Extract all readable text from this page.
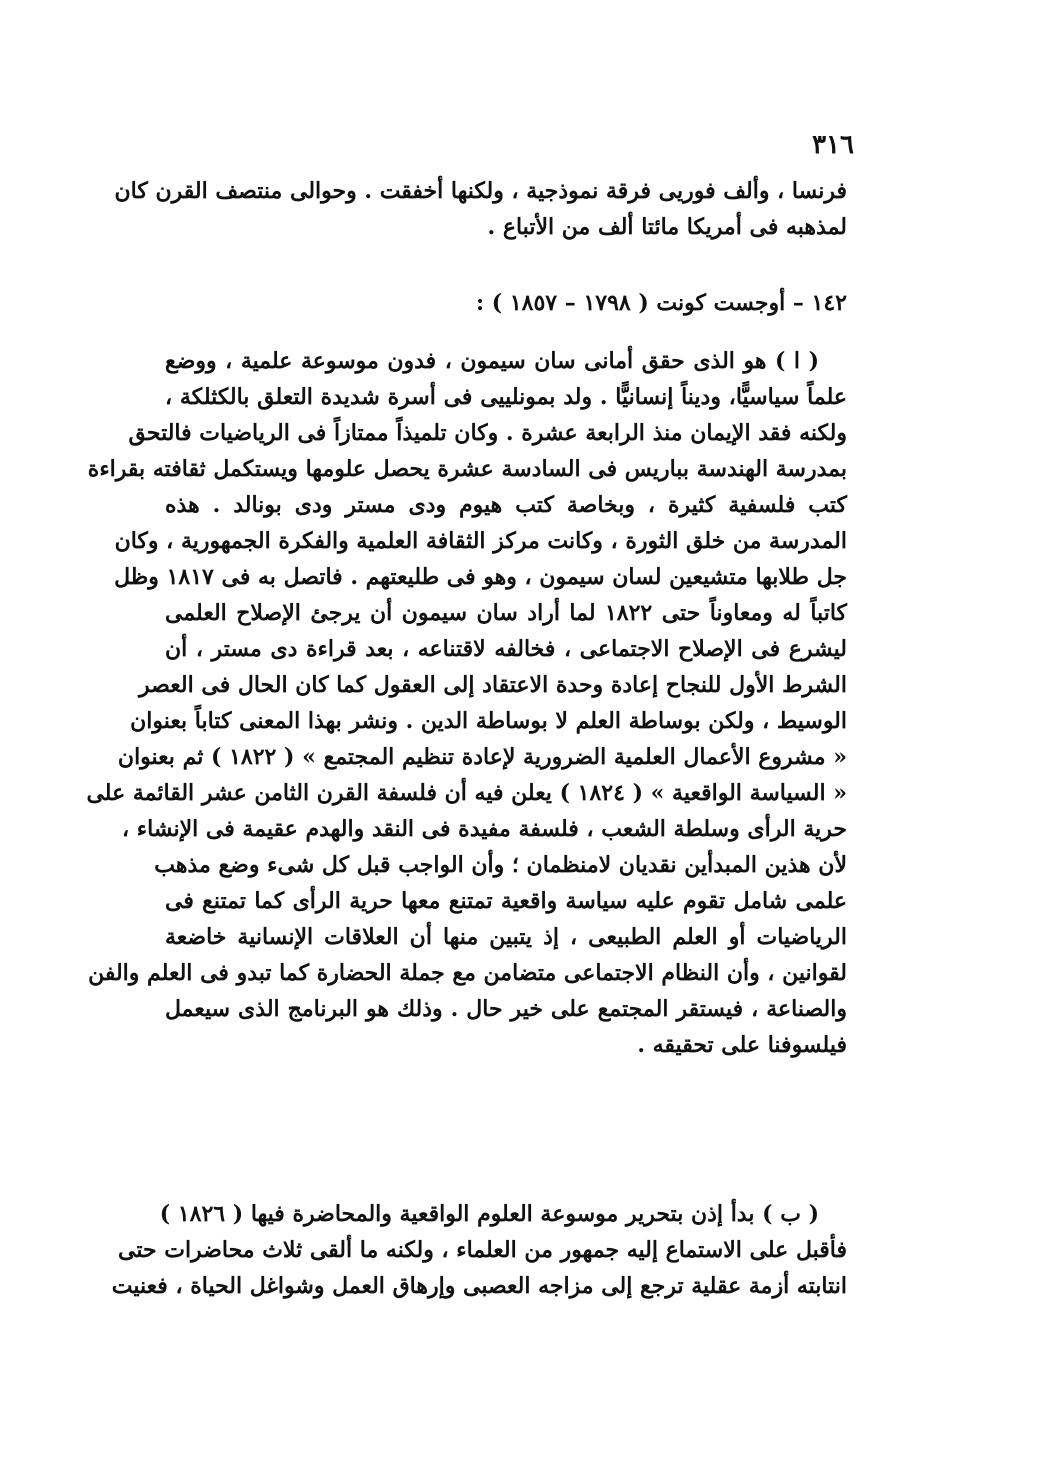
٣١٦
فرنسا ، وألف فوريى فرقة نموذجية ، ولكنها أخفقت . وحوالى منتصف القرن كان
لمذهبه فى أمريكا مائتا ألف من الأتباع .
١٤٢ – أوجست كونت ( ١٧٩٨ – ١٨٥٧ ) :
( ا ) هو الذى حقق أمانى سان سيمون ، فدون موسوعة علمية ، ووضع
علماً سياسيًّا، وديناً إنسانيًّا . ولد بمونلييى فى أسرة شديدة التعلق بالكثلكة ،
ولكنه فقد الإيمان منذ الرابعة عشرة . وكان تلميذاً ممتازاً فى الرياضيات فالتحق
بمدرسة الهندسة بباريس فى السادسة عشرة يحصل علومها ويستكمل ثقافته بقراءة
كتب فلسفية كثيرة ، وبخاصة كتب هيوم ودى مستر ودى بونالد . هذه
المدرسة من خلق الثورة ، وكانت مركز الثقافة العلمية والفكرة الجمهورية ، وكان
جل طلابها متشيعين لسان سيمون ، وهو فى طليعتهم . فاتصل به فى ١٨١٧ وظل
كاتباً له ومعاوناً حتى ١٨٢٢ لما أراد سان سيمون أن يرجئ الإصلاح العلمى
ليشرع فى الإصلاح الاجتماعى ، فخالفه لاقتناعه ، بعد قراءة دى مستر ، أن
الشرط الأول للنجاح إعادة وحدة الاعتقاد إلى العقول كما كان الحال فى العصر
الوسيط ، ولكن بوساطة العلم لا بوساطة الدين . ونشر بهذا المعنى كتاباً بعنوان
« مشروع الأعمال العلمية الضرورية لإعادة تنظيم المجتمع » ( ١٨٢٢ ) ثم بعنوان
« السياسة الواقعية » ( ١٨٢٤ ) يعلن فيه أن فلسفة القرن الثامن عشر القائمة على
حرية الرأى وسلطة الشعب ، فلسفة مفيدة فى النقد والهدم عقيمة فى الإنشاء ،
لأن هذين المبدأين نقديان لامنظمان ؛ وأن الواجب قبل كل شىء وضع مذهب
علمى شامل تقوم عليه سياسة واقعية تمتنع معها حرية الرأى كما تمتنع فى
الرياضيات أو العلم الطبيعى ، إذ يتبين منها أن العلاقات الإنسانية خاضعة
لقوانين ، وأن النظام الاجتماعى متضامن مع جملة الحضارة كما تبدو فى العلم والفن
والصناعة ، فيستقر المجتمع على خير حال . وذلك هو البرنامج الذى سيعمل
فيلسوفنا على تحقيقه .
( ب ) بدأ إذن بتحرير موسوعة العلوم الواقعية والمحاضرة فيها ( ١٨٢٦ )
فأقبل على الاستماع إليه جمهور من العلماء ، ولكنه ما ألقى ثلاث محاضرات حتى
انتابته أزمة عقلية ترجع إلى مزاجه العصبى وإرهاق العمل وشواغل الحياة ، فعنيت
